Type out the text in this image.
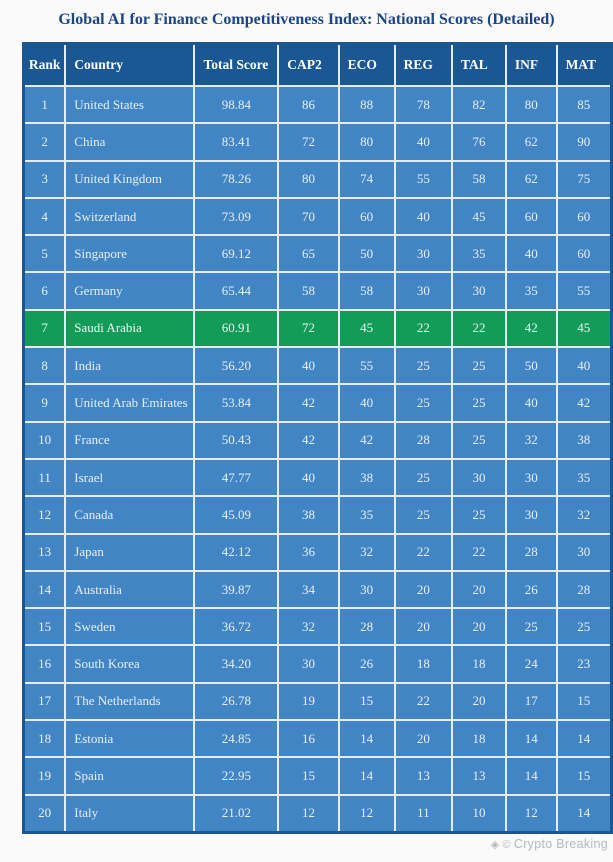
Global AI for Finance Competitiveness Index: National Scores (Detailed)
Rank	Country	Total Score	CAP2	ECO	REG	TAL	INF	MAT
1	United States	98.84	86	88	78	82	80	85
2	China	83.41	72	80	40	76	62	90
3	United Kingdom	78.26	80	74	55	58	62	75
4	Switzerland	73.09	70	60	40	45	60	60
5	Singapore	69.12	65	50	30	35	40	60
6	Germany	65.44	58	58	30	30	35	55
7	Saudi Arabia	60.91	72	45	22	22	42	45
8	India	56.20	40	55	25	25	50	40
9	United Arab Emirates	53.84	42	40	25	25	40	42
10	France	50.43	42	42	28	25	32	38
11	Israel	47.77	40	38	25	30	30	35
12	Canada	45.09	38	35	25	25	30	32
13	Japan	42.12	36	32	22	22	28	30
14	Australia	39.87	34	30	20	20	26	28
15	Sweden	36.72	32	28	20	20	25	25
16	South Korea	34.20	30	26	18	18	24	23
17	The Netherlands	26.78	19	15	22	20	17	15
18	Estonia	24.85	16	14	20	18	14	14
19	Spain	22.95	15	14	13	13	14	15
20	Italy	21.02	12	12	11	10	12	14
◈ © Crypto Breaking
